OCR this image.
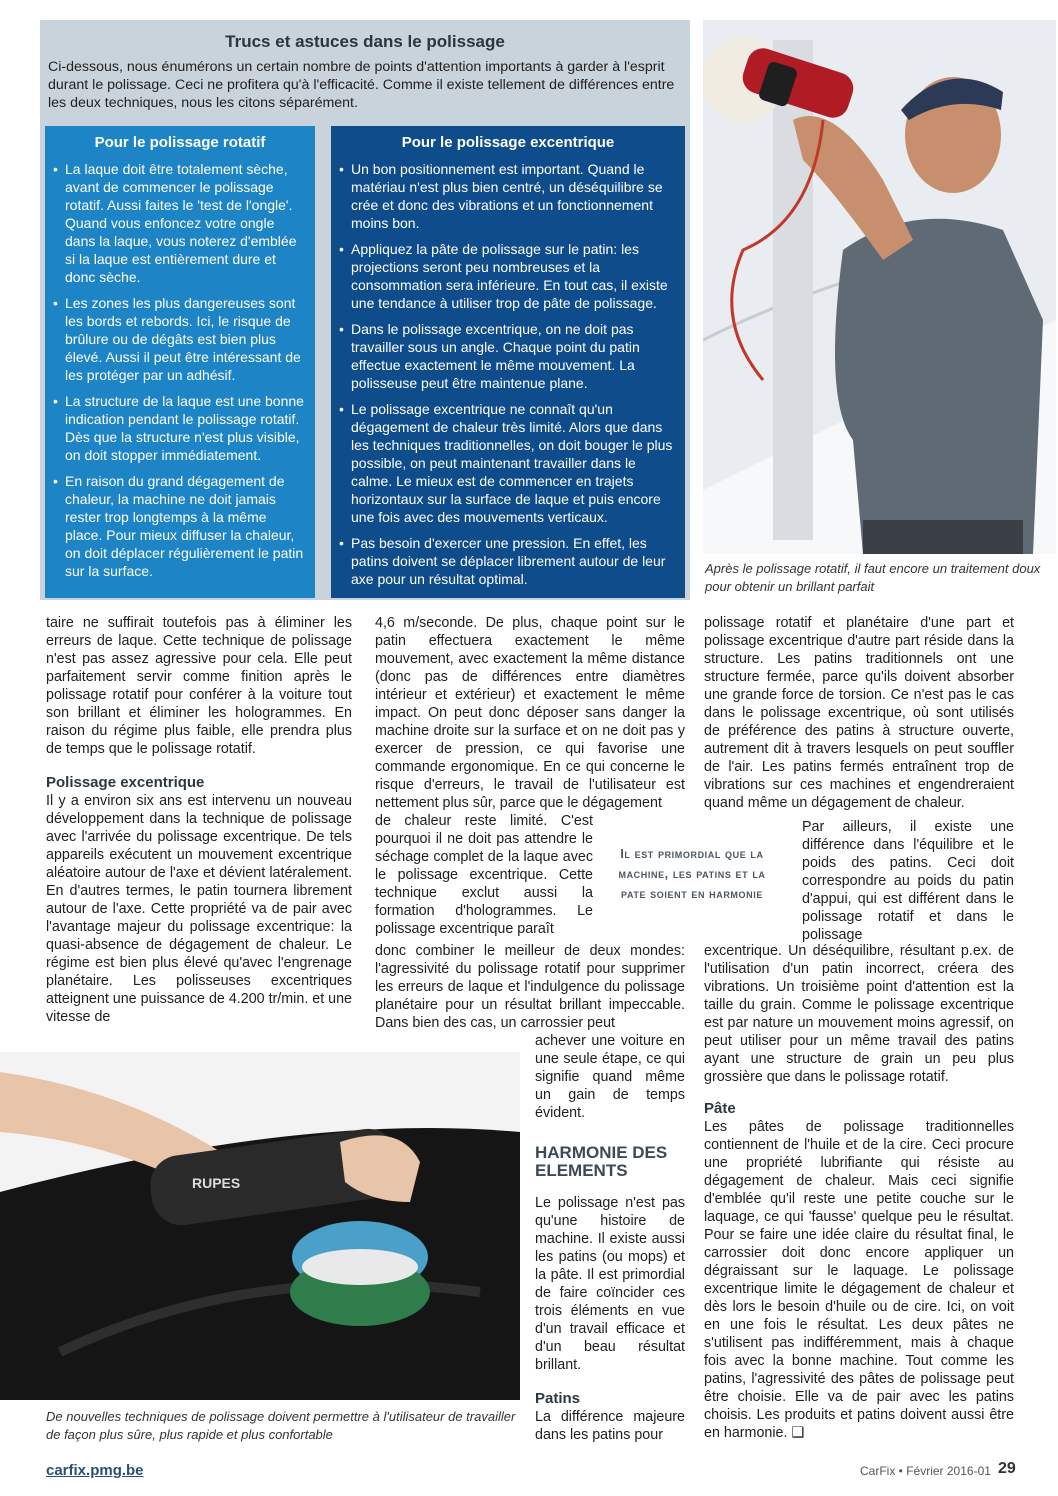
Trucs et astuces dans le polissage
Ci-dessous, nous énumérons un certain nombre de points d'attention importants à garder à l'esprit durant le polissage. Ceci ne profitera qu'à l'efficacité. Comme il existe tellement de différences entre les deux techniques, nous les citons séparément.
Pour le polissage rotatif
• La laque doit être totalement sèche, avant de commencer le polissage rotatif. Aussi faites le 'test de l'ongle'. Quand vous enfoncez votre ongle dans la laque, vous noterez d'emblée si la laque est entièrement dure et donc sèche.
• Les zones les plus dangereuses sont les bords et rebords. Ici, le risque de brûlure ou de dégâts est bien plus élevé. Aussi il peut être intéressant de les protéger par un adhésif.
• La structure de la laque est une bonne indication pendant le polissage rotatif. Dès que la structure n'est plus visible, on doit stopper immédiatement.
• En raison du grand dégagement de chaleur, la machine ne doit jamais rester trop longtemps à la même place. Pour mieux diffuser la chaleur, on doit déplacer régulièrement le patin sur la surface.
Pour le polissage excentrique
• Un bon positionnement est important. Quand le matériau n'est plus bien centré, un déséquilibre se crée et donc des vibrations et un fonctionnement moins bon.
• Appliquez la pâte de polissage sur le patin: les projections seront peu nombreuses et la consommation sera inférieure. En tout cas, il existe une tendance à utiliser trop de pâte de polissage.
• Dans le polissage excentrique, on ne doit pas travailler sous un angle. Chaque point du patin effectue exactement le même mouvement. La polisseuse peut être maintenue plane.
• Le polissage excentrique ne connaît qu'un dégagement de chaleur très limité. Alors que dans les techniques traditionnelles, on doit bouger le plus possible, on peut maintenant travailler dans le calme. Le mieux est de commencer en trajets horizontaux sur la surface de laque et puis encore une fois avec des mouvements verticaux.
• Pas besoin d'exercer une pression. En effet, les patins doivent se déplacer librement autour de leur axe pour un résultat optimal.
Après le polissage rotatif, il faut encore un traitement doux pour obtenir un brillant parfait

taire ne suffirait toutefois pas à éliminer les erreurs de laque. Cette technique de polissage n'est pas assez agressive pour cela. Elle peut parfaitement servir comme finition après le polissage rotatif pour conférer à la voiture tout son brillant et éliminer les hologrammes. En raison du régime plus faible, elle prendra plus de temps que le polissage rotatif.

Polissage excentrique

Il y a environ six ans est intervenu un nouveau développement dans la technique de polissage avec l'arrivée du polissage excentrique. De tels appareils exécutent un mouvement excentrique aléatoire autour de l'axe et dévient latéralement. En d'autres termes, le patin tournera librement autour de l'axe. Cette propriété va de pair avec l'avantage majeur du polissage excentrique: la quasi-absence de dégagement de chaleur. Le régime est bien plus élevé qu'avec l'engrenage planétaire. Les polisseuses excentriques atteignent une puissance de 4.200 tr/min. et une vitesse de

4,6 m/seconde. De plus, chaque point sur le patin effectuera exactement le même mouvement, avec exactement la même distance (donc pas de différences entre diamètres intérieur et extérieur) et exactement le même impact. On peut donc déposer sans danger la machine droite sur la surface et on ne doit pas y exercer de pression, ce qui favorise une commande ergonomique. En ce qui concerne le risque d'erreurs, le travail de l'utilisateur est nettement plus sûr, parce que le dégagement

de chaleur reste limité. C'est pourquoi il ne doit pas attendre le séchage complet de la laque avec le polissage excentrique. Cette technique exclut aussi la formation d'hologrammes. Le polissage excentrique paraît

donc combiner le meilleur de deux mondes: l'agressivité du polissage rotatif pour supprimer les erreurs de laque et l'indulgence du polissage planétaire pour un résultat brillant impeccable. Dans bien des cas, un carrossier peut

achever une voiture en une seule étape, ce qui signifie quand même un gain de temps évident.

Il est primordial que la machine, les patins et la pate soient en harmonie
HARMONIE DES ELEMENTS

Le polissage n'est pas qu'une histoire de machine. Il existe aussi les patins (ou mops) et la pâte. Il est primordial de faire coïncider ces trois éléments en vue d'un travail efficace et d'un beau résultat brillant.

Patins

La différence majeure dans les patins pour

polissage rotatif et planétaire d'une part et polissage excentrique d'autre part réside dans la structure. Les patins traditionnels ont une structure fermée, parce qu'ils doivent absorber une grande force de torsion. Ce n'est pas le cas dans le polissage excentrique, où sont utilisés de préférence des patins à structure ouverte, autrement dit à travers lesquels on peut souffler de l'air. Les patins fermés entraînent trop de vibrations sur ces machines et engendreraient quand même un dégagement de chaleur.

Par ailleurs, il existe une différence dans l'équilibre et le poids des patins. Ceci doit correspondre au poids du patin d'appui, qui est différent dans le polissage rotatif et dans le polissage

excentrique. Un déséquilibre, résultant p.ex. de l'utilisation d'un patin incorrect, créera des vibrations. Un troisième point d'attention est la taille du grain. Comme le polissage excentrique est par nature un mouvement moins agressif, on peut utiliser pour un même travail des patins ayant une structure de grain un peu plus grossière que dans le polissage rotatif.

Pâte

Les pâtes de polissage traditionnelles contiennent de l'huile et de la cire. Ceci procure une propriété lubrifiante qui résiste au dégagement de chaleur. Mais ceci signifie d'emblée qu'il reste une petite couche sur le laquage, ce qui 'fausse' quelque peu le résultat. Pour se faire une idée claire du résultat final, le carrossier doit donc encore appliquer un dégraissant sur le laquage. Le polissage excentrique limite le dégagement de chaleur et dès lors le besoin d'huile ou de cire. Ici, on voit en une fois le résultat. Les deux pâtes ne s'utilisent pas indifféremment, mais à chaque fois avec la bonne machine. Tout comme les patins, l'agressivité des pâtes de polissage peut être choisie. Elle va de pair avec les patins choisis. Les produits et patins doivent aussi être en harmonie. ❑

RUPES
De nouvelles techniques de polissage doivent permettre à l'utilisateur de travailler de façon plus sûre, plus rapide et plus confortable
carfix.pmg.be	CarFix • Février 2016-01 29
